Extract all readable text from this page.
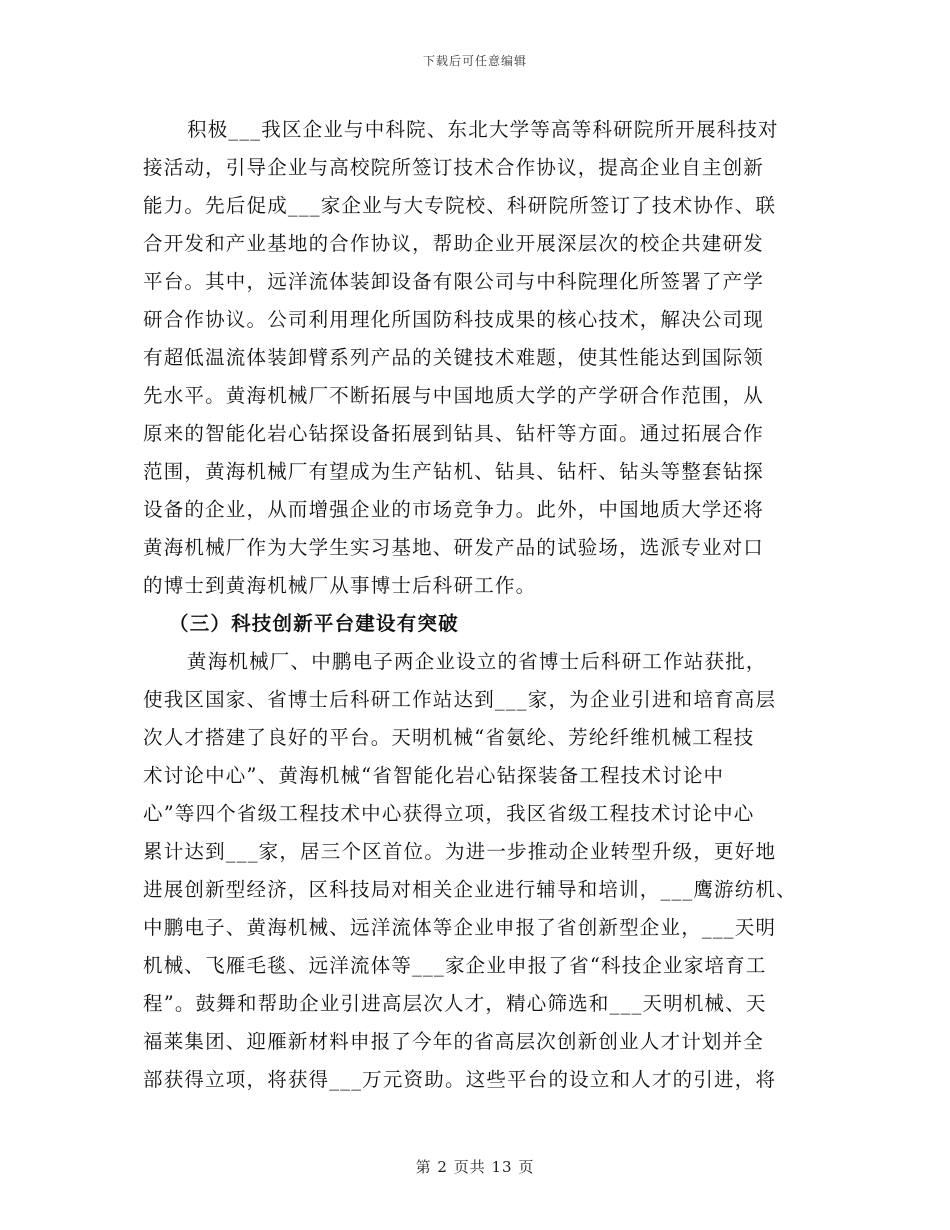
下载后可任意编辑
积极___我区企业与中科院、东北大学等高等科研院所开展科技对
接活动，引导企业与高校院所签订技术合作协议，提高企业自主创新
能力。先后促成___家企业与大专院校、科研院所签订了技术协作、联
合开发和产业基地的合作协议，帮助企业开展深层次的校企共建研发
平台。其中，远洋流体装卸设备有限公司与中科院理化所签署了产学
研合作协议。公司利用理化所国防科技成果的核心技术，解决公司现
有超低温流体装卸臂系列产品的关键技术难题，使其性能达到国际领
先水平。黄海机械厂不断拓展与中国地质大学的产学研合作范围，从
原来的智能化岩心钻探设备拓展到钻具、钻杆等方面。通过拓展合作
范围，黄海机械厂有望成为生产钻机、钻具、钻杆、钻头等整套钻探
设备的企业，从而增强企业的市场竞争力。此外，中国地质大学还将
黄海机械厂作为大学生实习基地、研发产品的试验场，选派专业对口
的博士到黄海机械厂从事博士后科研工作。
（三）科技创新平台建设有突破
黄海机械厂、中鹏电子两企业设立的省博士后科研工作站获批，
使我区国家、省博士后科研工作站达到___家，为企业引进和培育高层
次人才搭建了良好的平台。天明机械“省氨纶、芳纶纤维机械工程技
术讨论中心”、黄海机械“省智能化岩心钻探装备工程技术讨论中
心”等四个省级工程技术中心获得立项，我区省级工程技术讨论中心
累计达到___家，居三个区首位。为进一步推动企业转型升级，更好地
进展创新型经济，区科技局对相关企业进行辅导和培训，___鹰游纺机、
中鹏电子、黄海机械、远洋流体等企业申报了省创新型企业，___天明
机械、飞雁毛毯、远洋流体等___家企业申报了省“科技企业家培育工
程”。鼓舞和帮助企业引进高层次人才，精心筛选和___天明机械、天
福莱集团、迎雁新材料申报了今年的省高层次创新创业人才计划并全
部获得立项，将获得___万元资助。这些平台的设立和人才的引进，将
第 2 页共 13 页
